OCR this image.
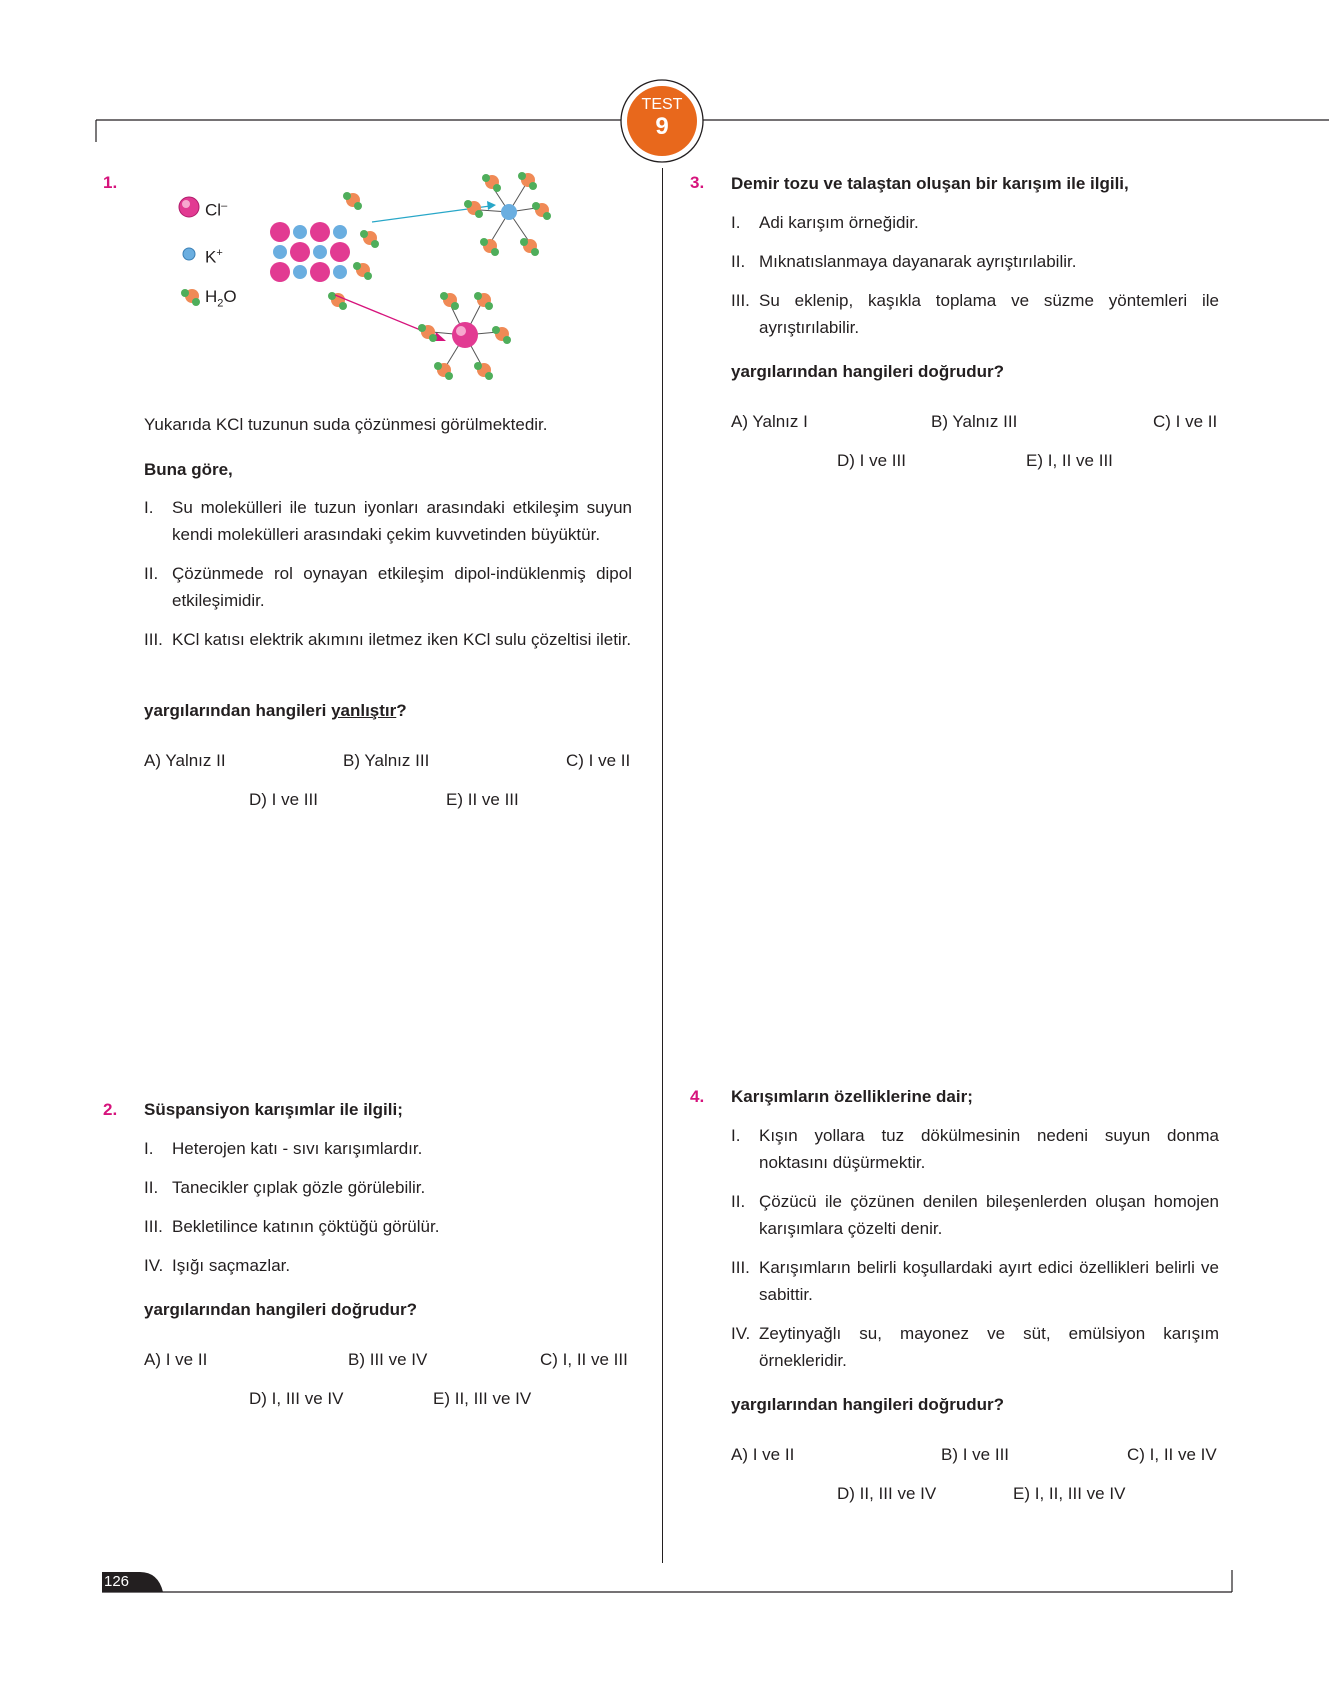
TEST
9
1.
Cl–
K+
$H_2O$
Yukarıda KCl tuzunun suda çözünmesi görülmektedir.
Buna göre,
I. Su molekülleri ile tuzun iyonları arasındaki etkileşim suyun kendi molekülleri arasındaki çekim kuvvetinden büyüktür.
II. Çözünmede rol oynayan etkileşim dipol-indüklenmiş dipol etkileşimidir.
III. KCl katısı elektrik akımını iletmez iken KCl sulu çözeltisi iletir.
yargılarından hangileri yanlıştır?
A) Yalnız II	B) Yalnız III	C) I ve II
D) I ve III	E) II ve III
2. Süspansiyon karışımlar ile ilgili;
I. Heterojen katı - sıvı karışımlardır.
II. Tanecikler çıplak gözle görülebilir.
III. Bekletilince katının çöktüğü görülür.
IV. Işığı saçmazlar.
yargılarından hangileri doğrudur?
A) I ve II	B) III ve IV	C) I, II ve III
D) I, III ve IV	E) II, III ve IV
3. Demir tozu ve talaştan oluşan bir karışım ile ilgili,
I. Adi karışım örneğidir.
II. Mıknatıslanmaya dayanarak ayrıştırılabilir.
III. Su eklenip, kaşıkla toplama ve süzme yöntemleri ile ayrıştırılabilir.
yargılarından hangileri doğrudur?
A) Yalnız I	B) Yalnız III	C) I ve II
D) I ve III	E) I, II ve III
4. Karışımların özelliklerine dair;
I. Kışın yollara tuz dökülmesinin nedeni suyun donma noktasını düşürmektir.
II. Çözücü ile çözünen denilen bileşenlerden oluşan homojen karışımlara çözelti denir.
III. Karışımların belirli koşullardaki ayırt edici özellikleri belirli ve sabittir.
IV. Zeytinyağlı su, mayonez ve süt, emülsiyon karışım örnekleridir.
yargılarından hangileri doğrudur?
A) I ve II	B) I ve III	C) I, II ve IV
D) II, III ve IV	E) I, II, III ve IV
126
